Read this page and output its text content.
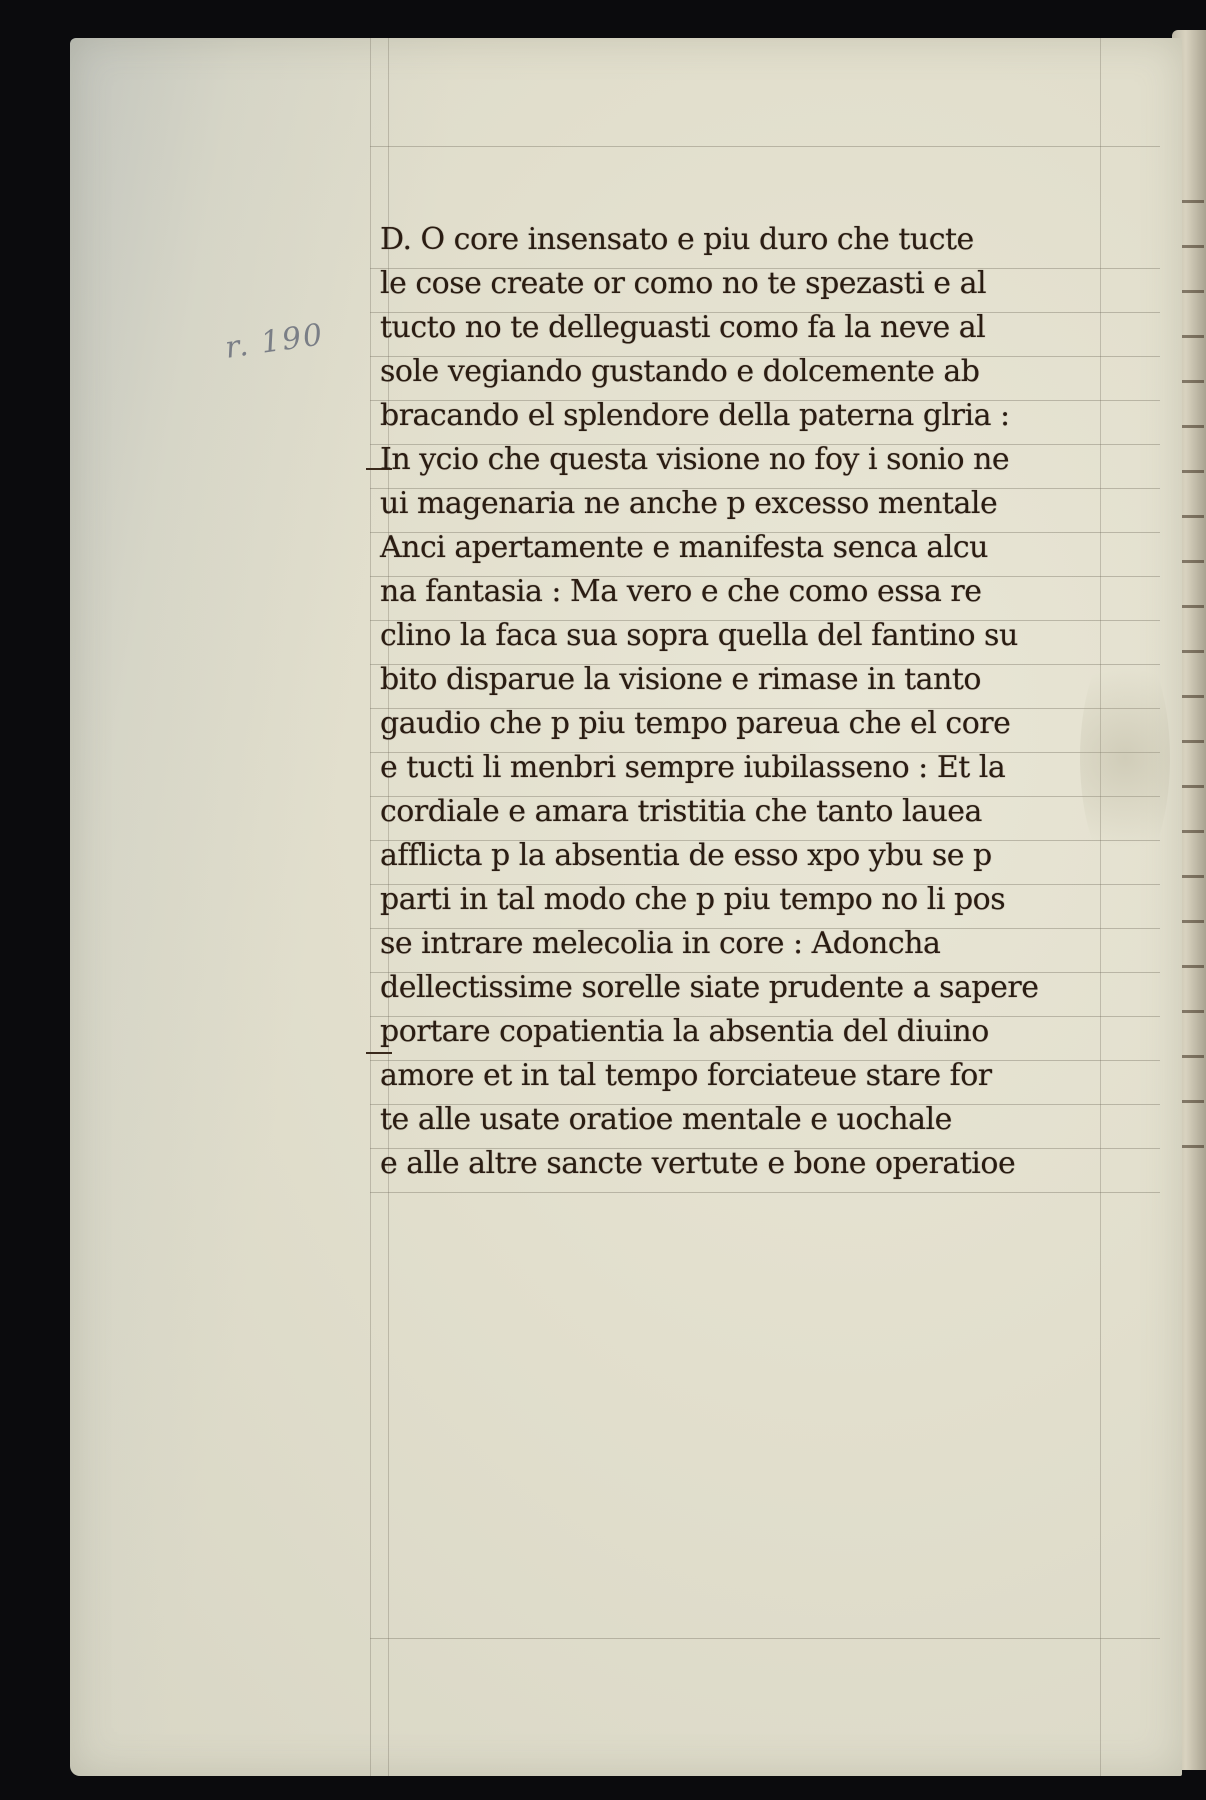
r. 190
D. O core insensato e piu duro che tucte
le cose create or como no te spezasti e al
tucto no te delleguasti como fa la neve al
sole vegiando gustando e dolcemente ab
bracando el splendore della paterna glria :
In ycio che questa visione no foy i sonio ne
ui magenaria ne anche p excesso mentale
Anci apertamente e manifesta senca alcu
na fantasia : Ma vero e che como essa re
clino la faca sua sopra quella del fantino su
bito disparue la visione e rimase in tanto
gaudio che p piu tempo pareua che el core
e tucti li menbri sempre iubilasseno : Et la
cordiale e amara tristitia che tanto lauea
afflicta p la absentia de esso xpo ybu se p
parti in tal modo che p piu tempo no li pos
se intrare melecolia in core : Adoncha
dellectissime sorelle siate prudente a sapere
portare copatientia la absentia del diuino
amore et in tal tempo forciateue stare for
te alle usate oratioe mentale e uochale
e alle altre sancte vertute e bone operatioe
